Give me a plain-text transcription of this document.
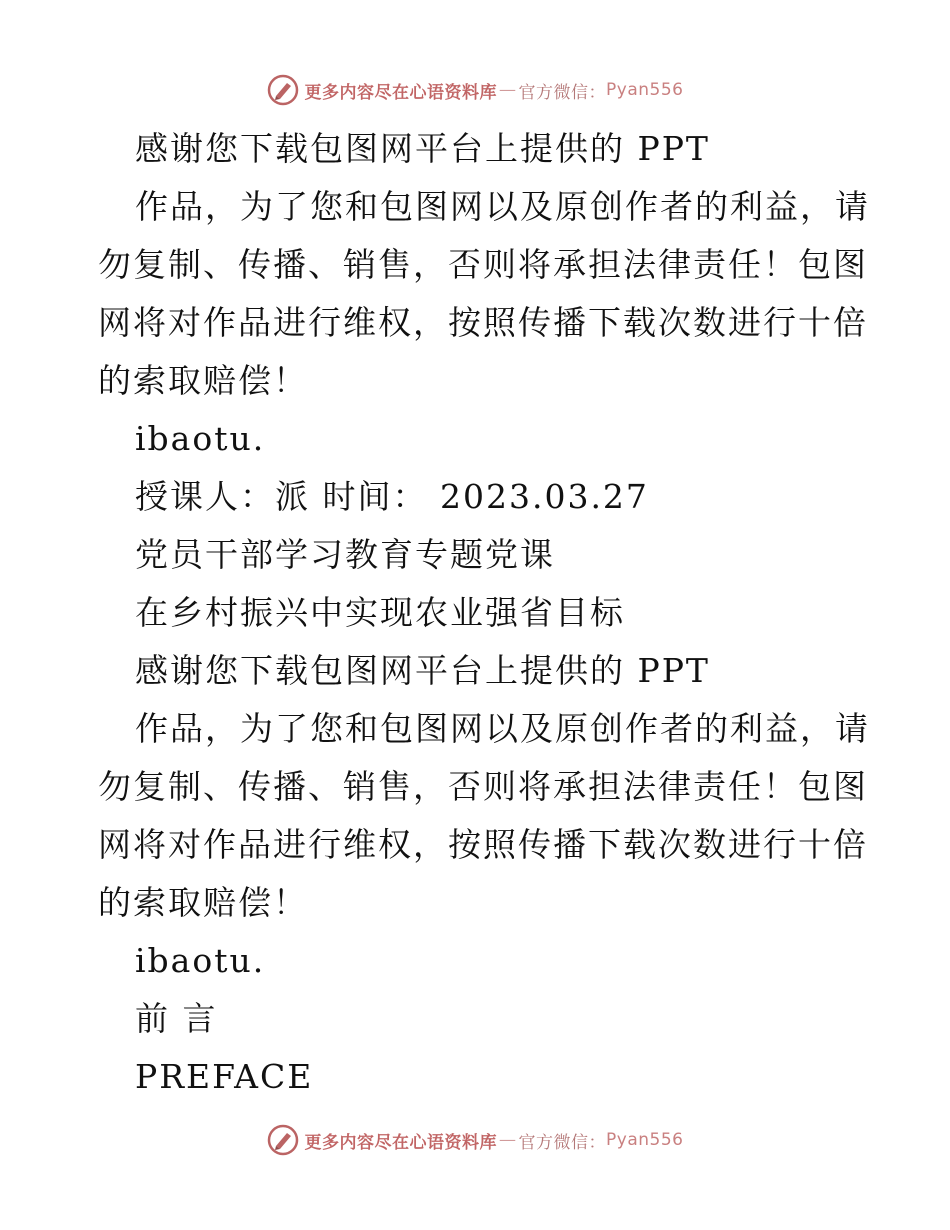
更多内容尽在心语资料库 — 官方微信： Pyan556
感谢您下载包图网平台上提供的 PPT
作品，为了您和包图网以及原创作者的利益，请
勿复制、传播、销售，否则将承担法律责任！包图
网将对作品进行维权，按照传播下载次数进行十倍
的索取赔偿！
ibaotu.
授课人：派 时间： 2023.03.27
党员干部学习教育专题党课
在乡村振兴中实现农业强省目标
感谢您下载包图网平台上提供的 PPT
作品，为了您和包图网以及原创作者的利益，请
勿复制、传播、销售，否则将承担法律责任！包图
网将对作品进行维权，按照传播下载次数进行十倍
的索取赔偿！
ibaotu.
前 言
PREFACE
更多内容尽在心语资料库 — 官方微信： Pyan556
